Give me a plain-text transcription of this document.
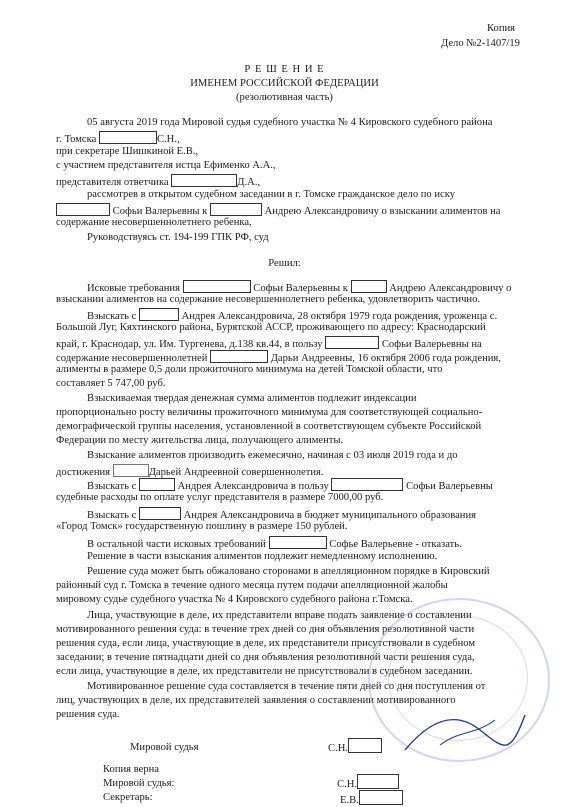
Копия
Дело №2-1407/19
Р Е Ш Е Н И Е
ИМЕНЕМ РОССИЙСКОЙ ФЕДЕРАЦИИ
(резолютивная часть)
05 августа 2019 года Мировой судья судебного участка № 4 Кировского судебного района
г. Томска	С.Н.,
при секретаре Шишкиной Е.В.,
с участием представителя истца Ефименко А.А.,
представителя ответчика	Д.А.,
рассмотрев в открытом судебном заседании в г. Томске гражданское дело по иску
Софьи Валерьевны к	Андрею Александровичу о взыскании алиментов на
содержание несовершеннолетнего ребенка,
Руководствуясь ст. 194-199 ГПК РФ, суд
Решил:
Исковые требования	Софьи Валерьевны к	Андрею Александровичу о
взыскании алиментов на содержание несовершеннолетнего ребенка, удовлетворить частично.
Взыскать с	Андрея Александровича, 28 октября 1979 года рождения, уроженца с.
Большой Луг, Кяхтинского района, Бурятской АССР, проживающего по адресу: Краснодарский
край, г. Краснодар, ул. Им. Тургенева, д.138 кв.44, в пользу	Софьи Валерьевны на
содержание несовершеннолетней	Дарьи Андреевны, 16 октября 2006 года рождения,
алименты в размере 0,5 доли прожиточного минимума на детей Томской области, что
составляет 5 747,00 руб.
Взыскиваемая твердая денежная сумма алиментов подлежит индексации
пропорционально росту величины прожиточного минимума для соответствующей социально-
демографической группы населения, установленной в соответствующем субъекте Российской
Федерации по месту жительства лица, получающего алименты.
Взыскание алиментов производить ежемесячно, начиная с 03 июля 2019 года и до
достижения	Дарьей Андреевной совершеннолетия.
Взыскать с	Андрея Александровича в пользу	Софьи Валерьевны
судебные расходы по оплате услуг представителя в размере 7000,00 руб.
Взыскать с	Андрея Александровича в бюджет муниципального образования
«Город Томск» государственную пошлину в размере 150 рублей.
В остальной части исковых требований	Софье Валерьевне - отказать.
Решение в части взыскания алиментов подлежит немедленному исполнению.
Решение суда может быть обжаловано сторонами в апелляционном порядке в Кировский
районный суд г. Томска в течение одного месяца путем подачи апелляционной жалобы
мировому судье судебного участка № 4 Кировского судебного района г.Томска.
Лица, участвующие в деле, их представители вправе подать заявление о составлении
мотивированного решения суда: в течение трех дней со дня объявления резолютивной части
решения суда, если лица, участвующие в деле, их представители присутствовали в судебном
заседании; в течение пятнадцати дней со дня объявления резолютивной части решения суда,
если лица, участвующие в деле, их представители не присутствовали в судебном заседании.
Мотивированное решение суда составляется в течение пяти дней со дня поступления от
лиц, участвующих в деле, их представителей заявления о составлении мотивированного
решения суда.
Мировой судья	С.Н.
Копия верна
Мировой судья:	С.Н.
Секретарь:	Е.В.
